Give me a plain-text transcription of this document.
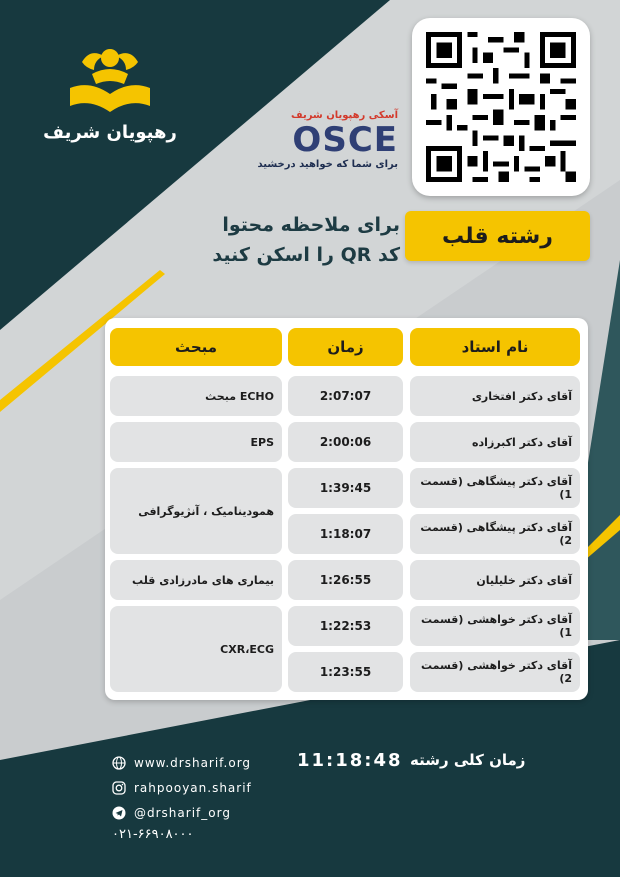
رهپویان شریف
آسکی رهپویان شریف
OSCE
برای شما که خواهید درخشید
برای ملاحظه محتوا
کد QR را اسکن کنید
رشته قلب
نام استاد
زمان
مبحث
آقای دکتر افتخاری
آقای دکتر اکبرزاده
آقای دکتر پیشگاهی (قسمت 1)
آقای دکتر پیشگاهی (قسمت 2)
آقای دکتر خلیلیان
آقای دکتر خواهشی (قسمت 1)
آقای دکتر خواهشی (قسمت 2)
2:07:07
2:00:06
1:39:45
1:18:07
1:26:55
1:22:53
1:23:55
ECHO مبحث
EPS
همودینامیک ، آنژیوگرافی
بیماری های مادرزادی قلب
CXR،ECG
www.drsharif.org
rahpooyan.sharif
@drsharif_org
۰۲۱-۶۶۹۰۸۰۰۰
11:18:48 زمان کلی رشته
